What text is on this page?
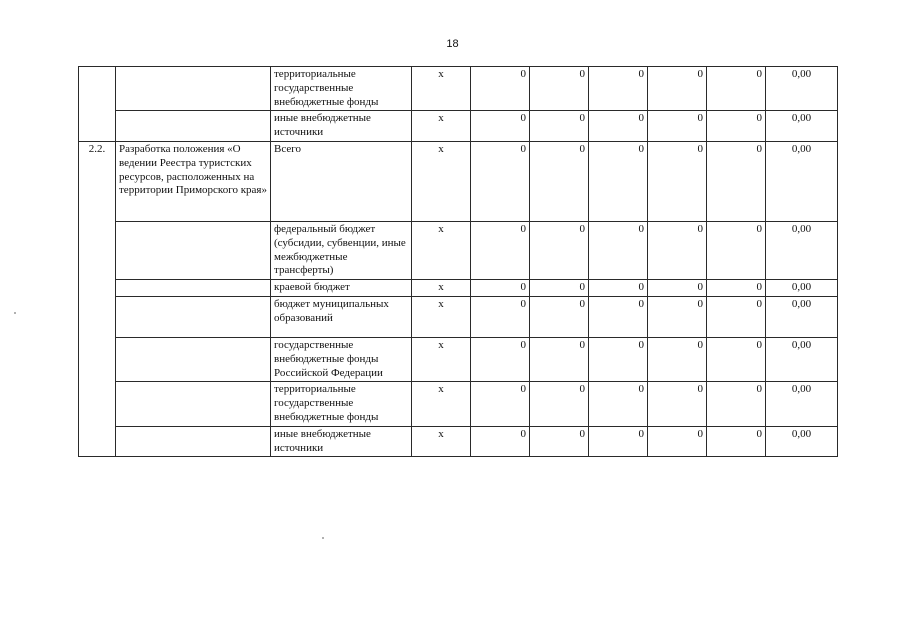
18
		территориальные государственные внебюджетные фонды	x	0	0	0	0	0	0,00
		иные внебюджетные источники	x	0	0	0	0	0	0,00
2.2.	Разработка положения «О ведении Реестра туристских ресурсов, расположенных на территории Приморского края»	Всего	x	0	0	0	0	0	0,00
		федеральный бюджет (субсидии, субвенции, иные межбюджетные трансферты)	x	0	0	0	0	0	0,00
		краевой бюджет	x	0	0	0	0	0	0,00
		бюджет муниципальных образований	x	0	0	0	0	0	0,00
		государственные внебюджетные фонды Российской Федерации	x	0	0	0	0	0	0,00
		территориальные государственные внебюджетные фонды	x	0	0	0	0	0	0,00
		иные внебюджетные источники	x	0	0	0	0	0	0,00
